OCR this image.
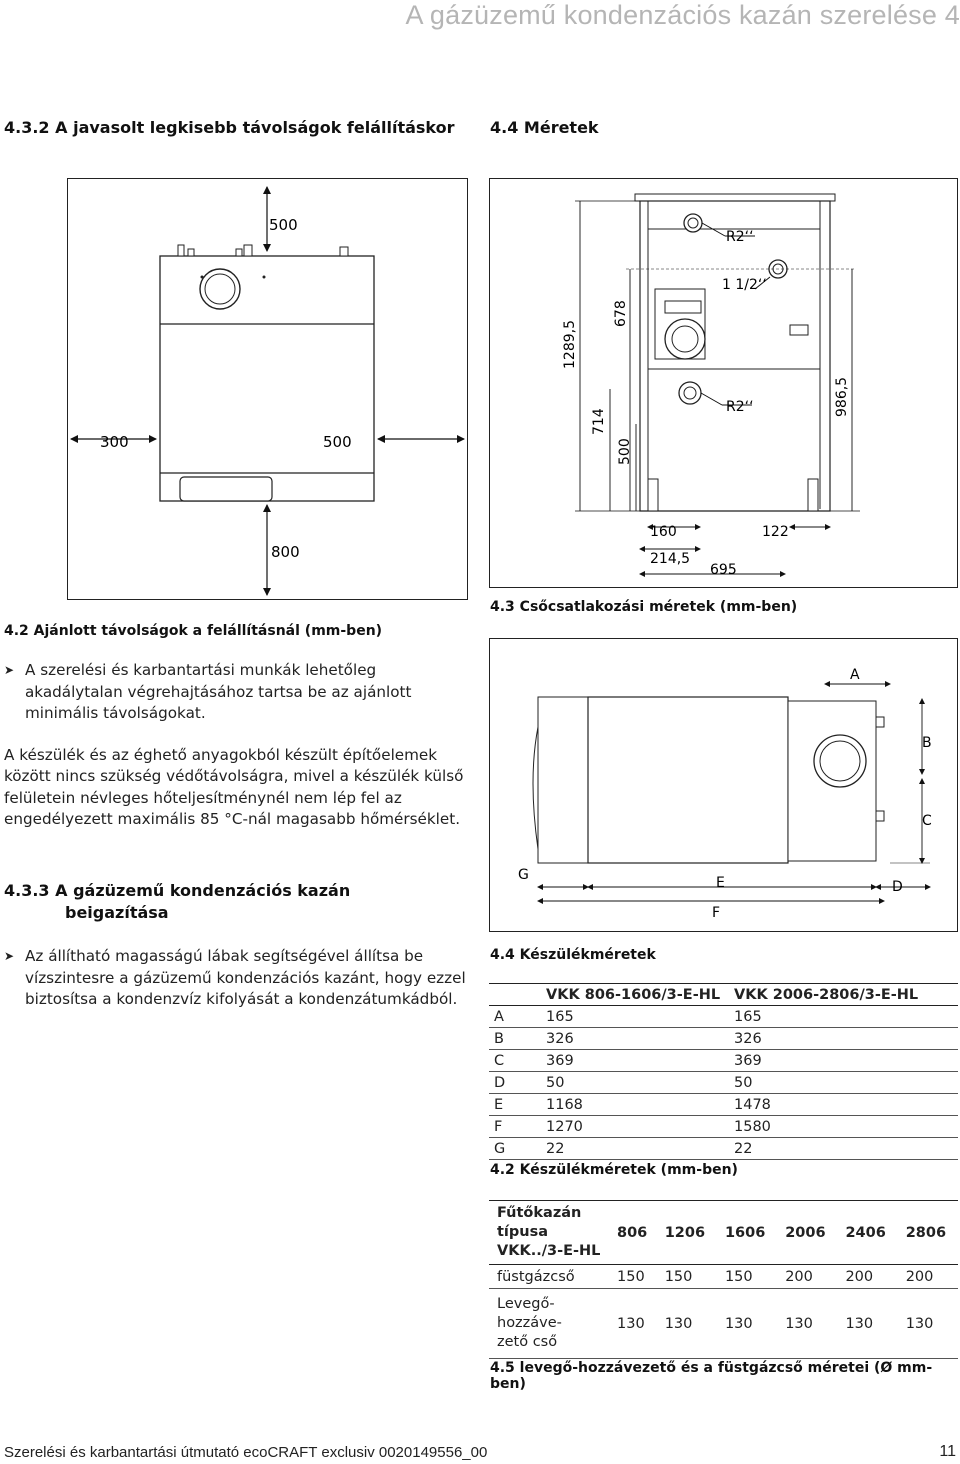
A gázüzemű kondenzációs kazán szerelése 4
4.3.2 A javasolt legkisebb távolságok felállításkor 4.4 Méretek
500
300	500
800
R2‘‘
1 1/2‘‘
R2‘‘
1289,5
678
714
500
986,5
160	122
214,5
695
4.2 Ajánlott távolságok a felállításnál (mm-ben)
4.3 Csőcsatlakozási méretek (mm-ben)
➤ A szerelési és karbantartási munkák lehetőleg akadálytalan végrehajtásához tartsa be az ajánlott minimális távolságokat.
A készülék és az éghető anyagokból készült építőelemek között nincs szükség védőtávolságra, mivel a készülék külső felületein névleges hőteljesítménynél nem lép fel az engedélyezett maximális 85 °C-nál magasabb hőmérséklet.
4.3.3 A gázüzemű kondenzációs kazán
beigazítása
➤ Az állítható magasságú lábak segítségével állítsa be vízszintesre a gázüzemű kondenzációs kazánt, hogy ezzel biztosítsa a kondenzvíz kifolyását a kondenzátumkádból.
A
B
C
D
E
F
G
4.4 Készülékméretek
	VKK 806-1606/3-E-HL	VKK 2006-2806/3-E-HL
A	165	165
B	326	326
C	369	369
D	50	50
E	1168	1478
F	1270	1580
G	22	22
4.2 Készülékméretek (mm-ben)
Fűtőkazán
típusa
VKK../3-E-HL	806	1206	1606	2006	2406	2806
füstgázcső	150	150	150	200	200	200

Levegő-
hozzáve-
zető cső	130	130	130	130	130	130
4.5 levegő-hozzávezető és a füstgázcső méretei (Ø mm-ben)
Szerelési és karbantartási útmutató ecoCRAFT exclusiv 0020149556_00	11
